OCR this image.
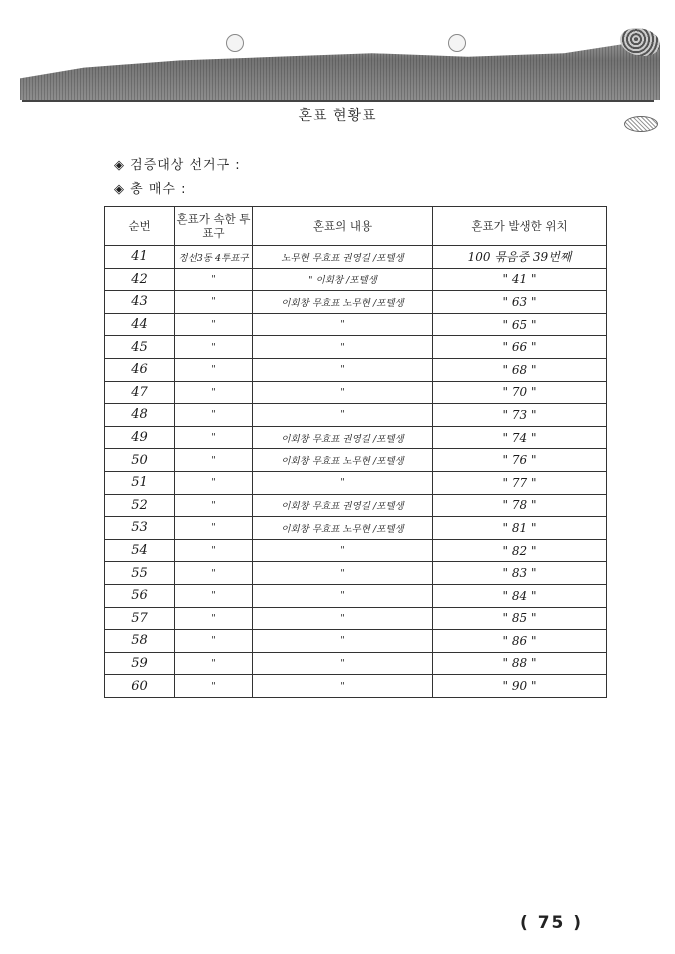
혼표 현황표
◈ 검증대상 선거구 :
◈ 총 매수 :
순번	혼표가 속한 투표구	혼표의 내용	혼표가 발생한 위치
41	정선3동 4투표구	노무현 무효표 권영길 /포텔생	100 묶음중 39번째
42	"	" 이회창 /포텔생	" 41 "
43	"	이회창 무효표 노무현 /포텔생	" 63 "
44	"	"	" 65 "
45	"	"	" 66 "
46	"	"	" 68 "
47	"	"	" 70 "
48	"	"	" 73 "
49	"	이회창 무효표 권영길 /포텔생	" 74 "
50	"	이회창 무효표 노무현 /포텔생	" 76 "
51	"	"	" 77 "
52	"	이회창 무효표 권영길 /포텔생	" 78 "
53	"	이회창 무효표 노무현 /포텔생	" 81 "
54	"	"	" 82 "
55	"	"	" 83 "
56	"	"	" 84 "
57	"	"	" 85 "
58	"	"	" 86 "
59	"	"	" 88 "
60	"	"	" 90 "
( 75 )
